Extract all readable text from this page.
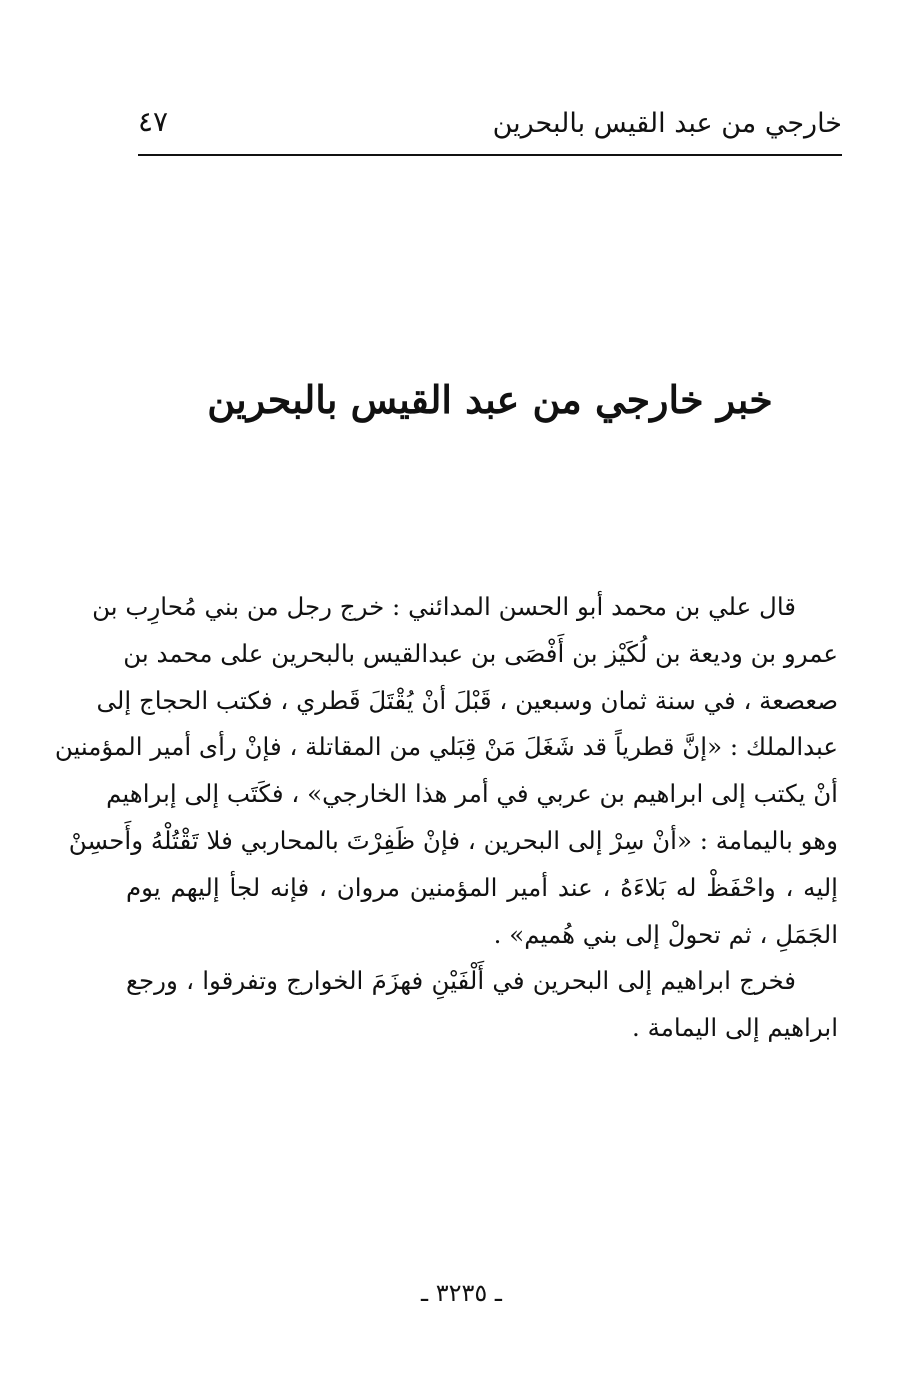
خارجي من عبد القيس بالبحرين
٤٧
خبر خارجي من عبد القيس بالبحرين
قال علي بن محمد أبو الحسن المدائني : خرج رجل من بني مُحارِب بن
عمرو بن وديعة بن لُكَيْز بن أَفْصَى بن عبدالقيس بالبحرين على محمد بن
صعصعة ، في سنة ثمان وسبعين ، قَبْلَ أنْ يُقْتَلَ قَطري ، فكتب الحجاج إلى
عبدالملك : «إنَّ قطرياً قد شَغَلَ مَنْ قِبَلي من المقاتلة ، فإنْ رأى أمير المؤمنين
أنْ يكتب إلى ابراهيم بن عربي في أمر هذا الخارجي» ، فكَتَب إلى إبراهيم
وهو باليمامة : «أنْ سِرْ إلى البحرين ، فإنْ ظَفِرْتَ بالمحاربي فلا تَقْتُلْهُ وأَحسِنْ
إليه ، واحْفَظْ له بَلاءَهُ ، عند أمير المؤمنين مروان ، فإنه لجأ إليهم يوم
الجَمَلِ ، ثم تحولْ إلى بني هُميم» .
فخرج ابراهيم إلى البحرين في أَلْفَيْنِ فهزَمَ الخوارج وتفرقوا ، ورجع
ابراهيم إلى اليمامة .
ـ ٣٢٣٥ ـ
